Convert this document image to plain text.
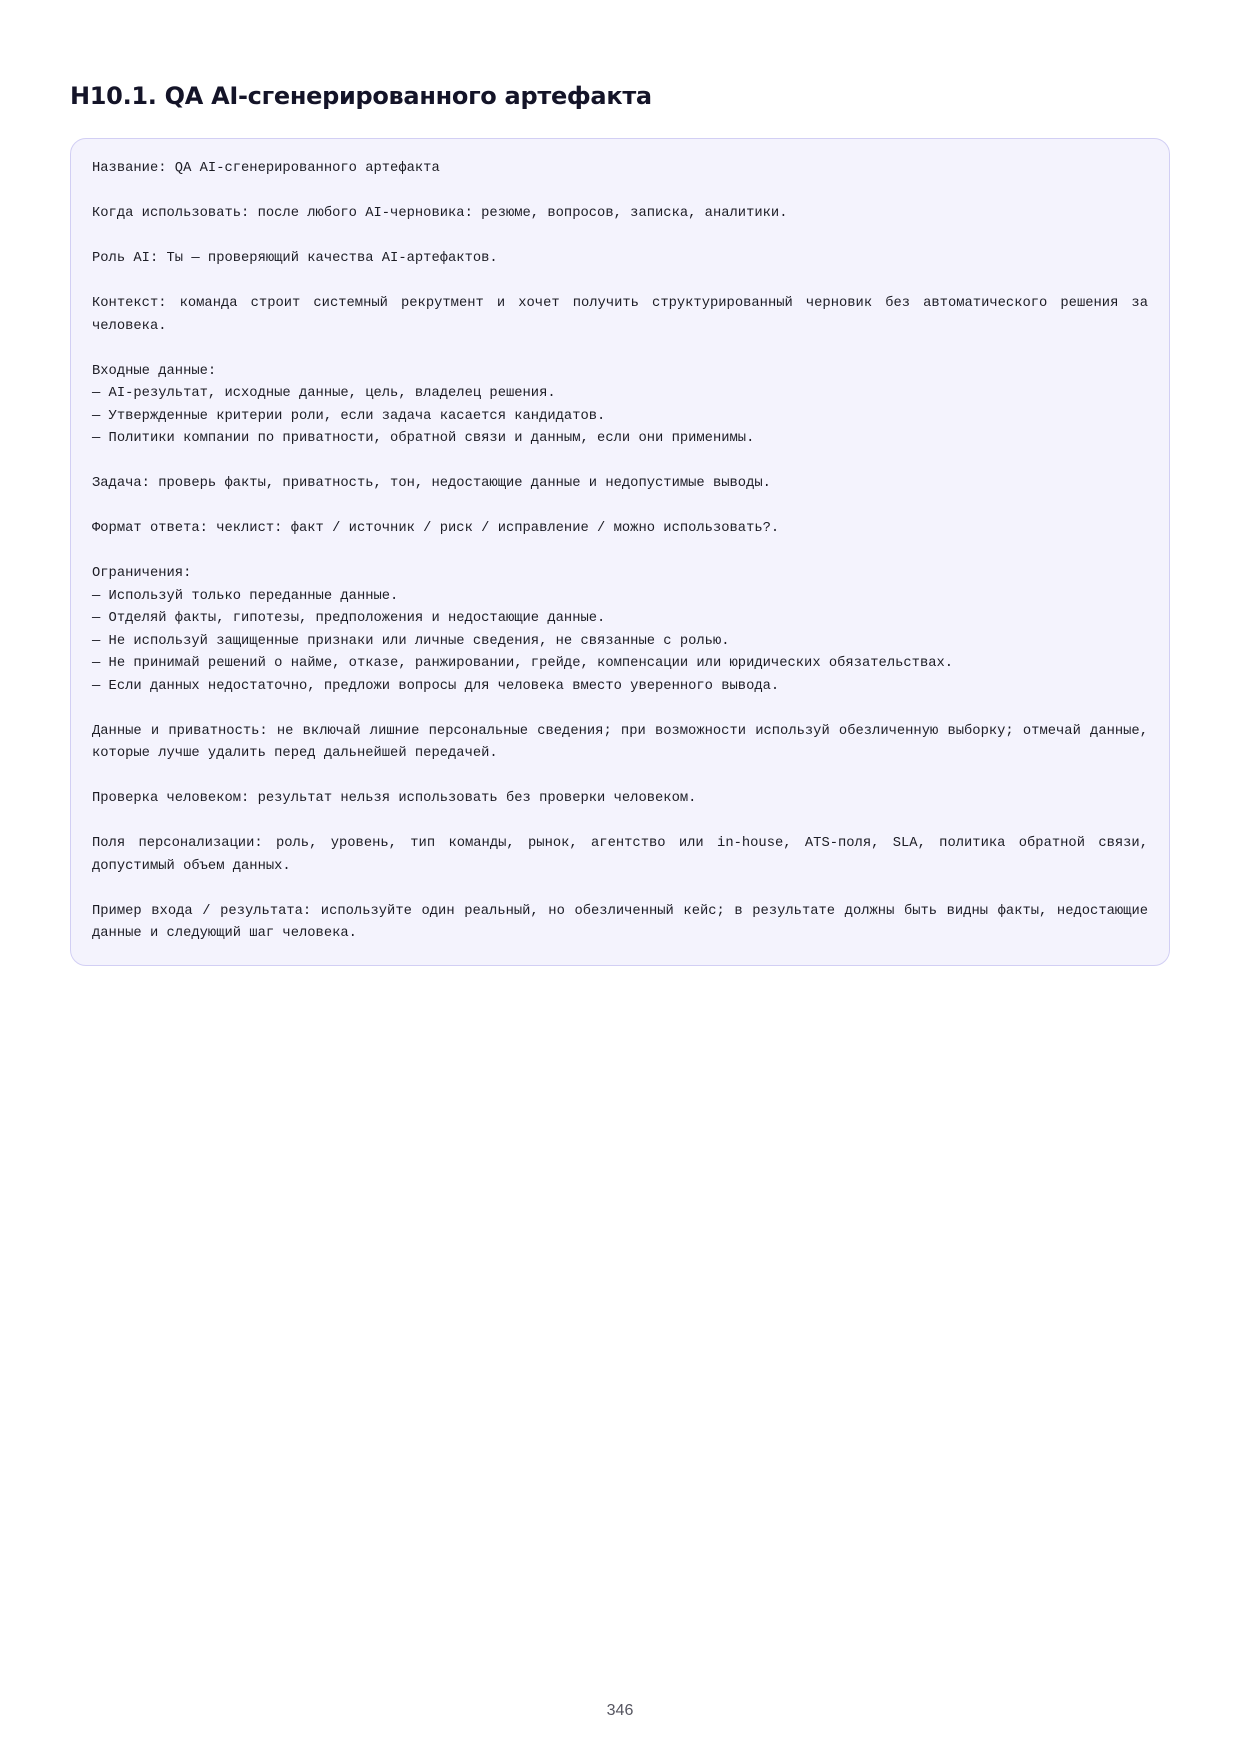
H10.1. QA AI-сгенерированного артефакта

Название: QA AI-сгенерированного артефакта

Когда использовать: после любого AI-черновика: резюме, вопросов, записка, аналитики.

Роль AI: Ты — проверяющий качества AI-артефактов.

Контекст: команда строит системный рекрутмент и хочет получить структурированный черновик без автоматического решения за человека.

Входные данные:

— AI-результат, исходные данные, цель, владелец решения.

— Утвержденные критерии роли, если задача касается кандидатов.

— Политики компании по приватности, обратной связи и данным, если они применимы.

Задача: проверь факты, приватность, тон, недостающие данные и недопустимые выводы.

Формат ответа: чеклист: факт / источник / риск / исправление / можно использовать?.

Ограничения:

— Используй только переданные данные.

— Отделяй факты, гипотезы, предположения и недостающие данные.

— Не используй защищенные признаки или личные сведения, не связанные с ролью.

— Не принимай решений о найме, отказе, ранжировании, грейде, компенсации или юридических обязательствах.

— Если данных недостаточно, предложи вопросы для человека вместо уверенного вывода.

Данные и приватность: не включай лишние персональные сведения; при возможности используй обезличенную выборку; отмечай данные, которые лучше удалить перед дальнейшей передачей.

Проверка человеком: результат нельзя использовать без проверки человеком.

Поля персонализации: роль, уровень, тип команды, рынок, агентство или in-house, ATS-поля, SLA, политика обратной связи, допустимый объем данных.

Пример входа / результата: используйте один реальный, но обезличенный кейс; в результате должны быть видны факты, недостающие данные и следующий шаг человека.

346
